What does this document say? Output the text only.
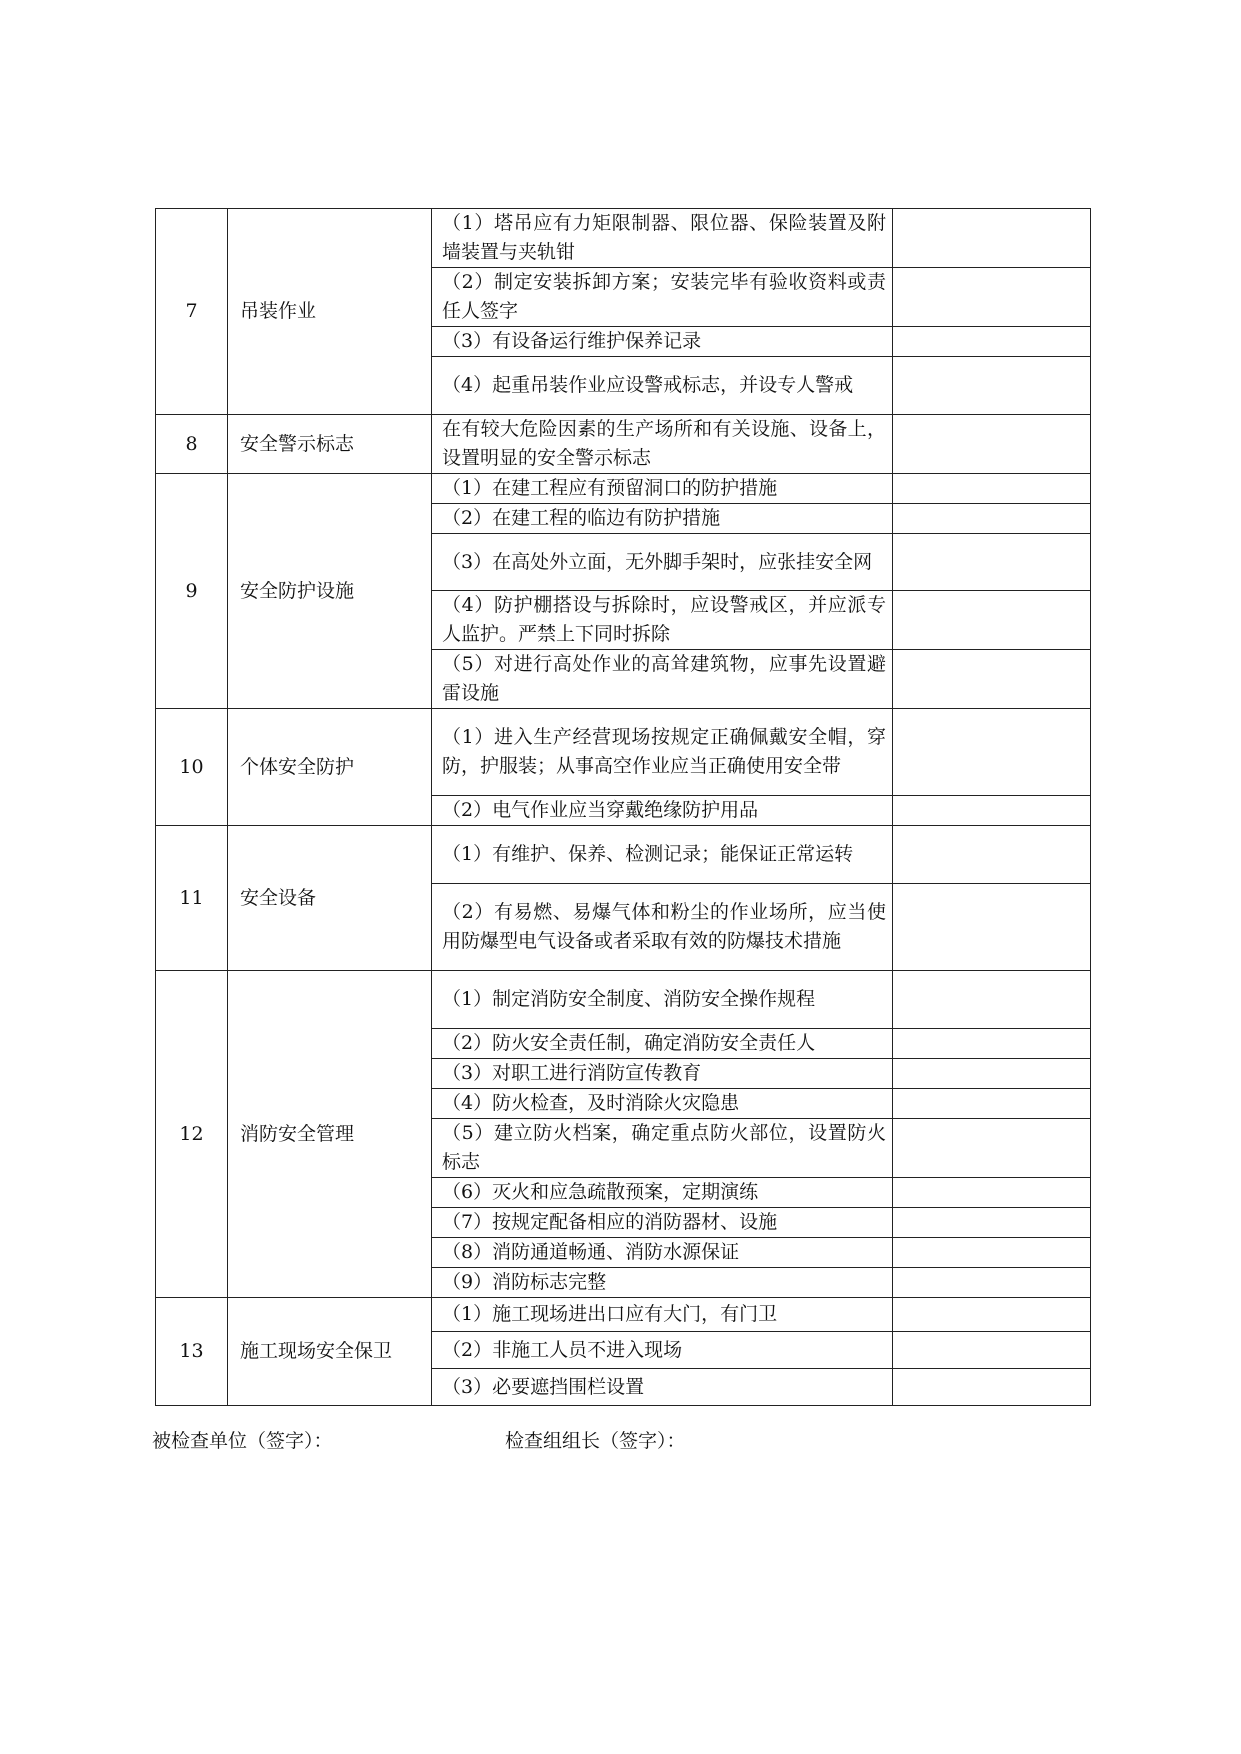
7	吊装作业	（1）塔吊应有力矩限制器、限位器、保险装置及附墙装置与夹轨钳	
		（2）制定安装拆卸方案；安装完毕有验收资料或责任人签字	
		（3）有设备运行维护保养记录	
		（4）起重吊装作业应设警戒标志，并设专人警戒	
8	安全警示标志	在有较大危险因素的生产场所和有关设施、设备上，设置明显的安全警示标志	
9	安全防护设施	（1）在建工程应有预留洞口的防护措施	
		（2）在建工程的临边有防护措施	
		（3）在高处外立面，无外脚手架时，应张挂安全网	
		（4）防护棚搭设与拆除时，应设警戒区，并应派专人监护。严禁上下同时拆除	
		（5）对进行高处作业的高耸建筑物，应事先设置避雷设施	
10	个体安全防护	（1）进入生产经营现场按规定正确佩戴安全帽，穿防，护服装；从事高空作业应当正确使用安全带	
		（2）电气作业应当穿戴绝缘防护用品	
11	安全设备	（1）有维护、保养、检测记录；能保证正常运转	
		（2）有易燃、易爆气体和粉尘的作业场所，应当使用防爆型电气设备或者采取有效的防爆技术措施	
12	消防安全管理	（1）制定消防安全制度、消防安全操作规程	
		（2）防火安全责任制，确定消防安全责任人	
		（3）对职工进行消防宣传教育	
		（4）防火检查，及时消除火灾隐患	
		（5）建立防火档案，确定重点防火部位，设置防火标志	
		（6）灭火和应急疏散预案，定期演练	
		（7）按规定配备相应的消防器材、设施	
		（8）消防通道畅通、消防水源保证	
		（9）消防标志完整	
13	施工现场安全保卫	（1）施工现场进出口应有大门，有门卫	
		（2）非施工人员不进入现场	
		（3）必要遮挡围栏设置	
被检查单位（签字）：	检查组组长（签字）：
